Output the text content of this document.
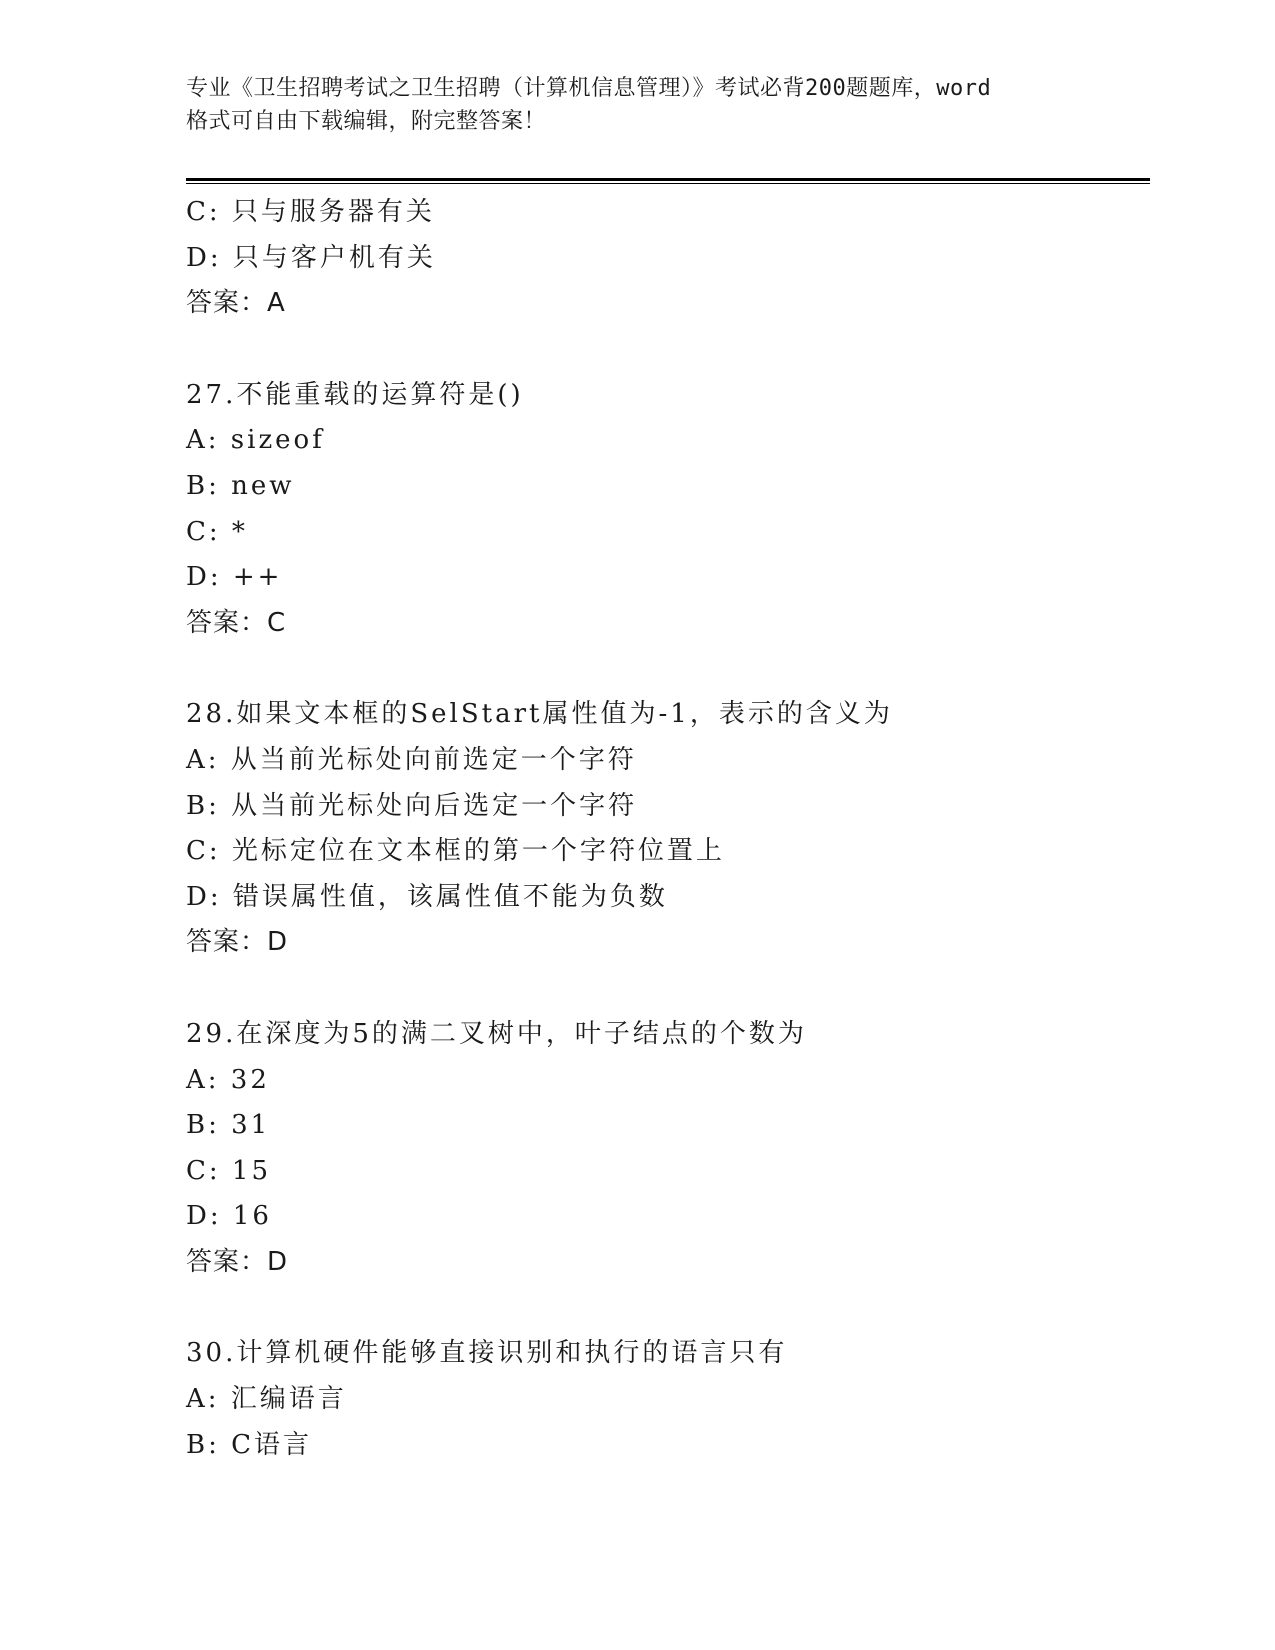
专业《卫生招聘考试之卫生招聘（计算机信息管理）》考试必背200题题库，word
格式可自由下载编辑，附完整答案！
C: 只与服务器有关
D: 只与客户机有关
答案：A
27.不能重载的运算符是()
A: sizeof
B: new
C: *
D: ++
答案：C
28.如果文本框的SelStart属性值为-1，表示的含义为
A: 从当前光标处向前选定一个字符
B: 从当前光标处向后选定一个字符
C: 光标定位在文本框的第一个字符位置上
D: 错误属性值，该属性值不能为负数
答案：D
29.在深度为5的满二叉树中，叶子结点的个数为
A: 32
B: 31
C: 15
D: 16
答案：D
30.计算机硬件能够直接识别和执行的语言只有
A: 汇编语言
B: C语言
